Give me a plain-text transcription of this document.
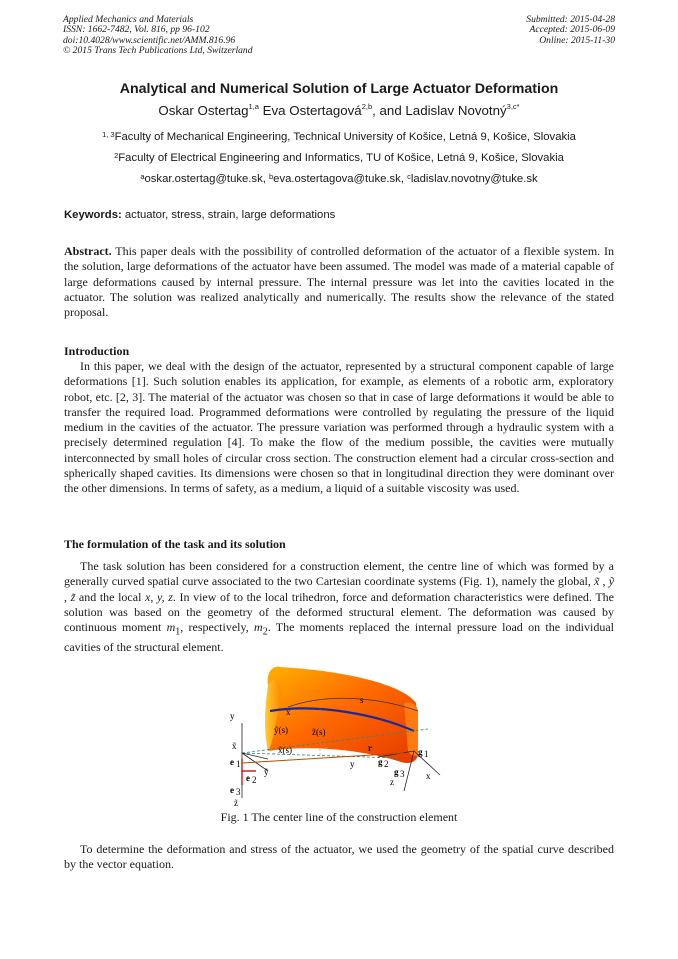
Applied Mechanics and Materials
ISSN: 1662-7482, Vol. 816, pp 96-102
doi:10.4028/www.scientific.net/AMM.816.96
© 2015 Trans Tech Publications Ltd, Switzerland
Submitted: 2015-04-28
Accepted: 2015-06-09
Online: 2015-11-30
Analytical and Numerical Solution of Large Actuator Deformation
Oskar Ostertag$^{1,a}$ Eva Ostertagová$^{2,b}$, and Ladislav Novotný$^{3,c*}$
$^{1, 3}$Faculty of Mechanical Engineering, Technical University of Košice, Letná 9, Košice, Slovakia
$^2$Faculty of Electrical Engineering and Informatics, TU of Košice, Letná 9, Košice, Slovakia
$^a$oskar.ostertag@tuke.sk, $^b$eva.ostertagova@tuke.sk, $^c$ladislav.novotny@tuke.sk
Keywords: actuator, stress, strain, large deformations

Abstract. This paper deals with the possibility of controlled deformation of the actuator of a flexible system. In the solution, large deformations of the actuator have been assumed. The model was made of a material capable of large deformations caused by internal pressure. The internal pressure was let into the cavities located in the actuator. The solution was realized analytically and numerically. The results show the relevance of the stated proposal.

Introduction

In this paper, we deal with the design of the actuator, represented by a structural component capable of large deformations [1]. Such solution enables its application, for example, as elements of a robotic arm, exploratory robot, etc. [2, 3]. The material of the actuator was chosen so that in case of large deformations it would be able to transfer the required load. Programmed deformations were controlled by regulating the pressure of the liquid medium in the cavities of the actuator. The pressure variation was performed through a hydraulic system with a precisely determined regulation [4]. To make the flow of the medium possible, the cavities were mutually interconnected by small holes of circular cross section. The construction element had a circular cross-section and spherically shaped cavities. Its dimensions were chosen so that in longitudinal direction they were dominant over the other dimensions. In terms of safety, as a medium, a liquid of a suitable viscosity was used.

The formulation of the task and its solution

The task solution has been considered for a construction element, the centre line of which was formed by a generally curved spatial curve associated to the two Cartesian coordinate systems (Fig. 1), namely the global, x̃ , ỹ , z̃ and the local x, y, z. In view of to the local trihedron, force and deformation characteristics were defined. The solution was based on the geometry of the deformed structural element. The deformation was caused by continuous moment $m_1$, respectively, $m_2$. The moments replaced the internal pressure load on the individual cavities of the structural element.

s
y	x
ỹ(s)	z̃(s)
x̃(s)
x̃
ỹ
z̃
z
x
y
r
e 1
e 2
e 3
g 1
g 2
g 3
Fig. 1 The center line of the construction element

To determine the deformation and stress of the actuator, we used the geometry of the spatial curve described by the vector equation.
